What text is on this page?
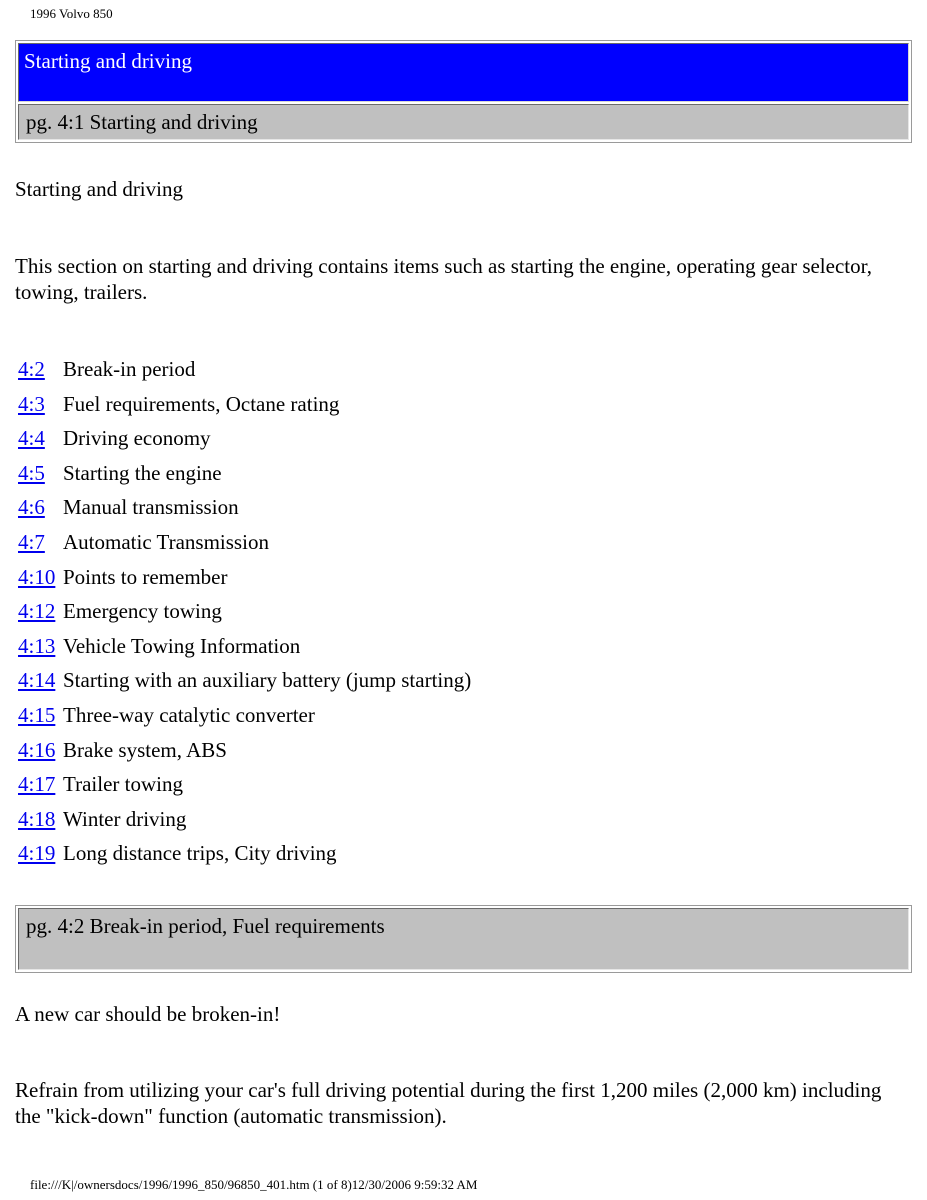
1996 Volvo 850
Starting and driving
pg. 4:1 Starting and driving

Starting and driving

This section on starting and driving contains items such as starting the engine, operating gear selector, towing, trailers.

4:2 Break-in period
4:3 Fuel requirements, Octane rating
4:4 Driving economy
4:5 Starting the engine
4:6 Manual transmission
4:7 Automatic Transmission
4:10 Points to remember
4:12 Emergency towing
4:13 Vehicle Towing Information
4:14 Starting with an auxiliary battery (jump starting)
4:15 Three-way catalytic converter
4:16 Brake system, ABS
4:17 Trailer towing
4:18 Winter driving
4:19 Long distance trips, City driving
pg. 4:2 Break-in period, Fuel requirements

A new car should be broken-in!

Refrain from utilizing your car's full driving potential during the first 1,200 miles (2,000 km) including the "kick-down" function (automatic transmission).

file:///K|/ownersdocs/1996/1996_850/96850_401.htm (1 of 8)12/30/2006 9:59:32 AM
